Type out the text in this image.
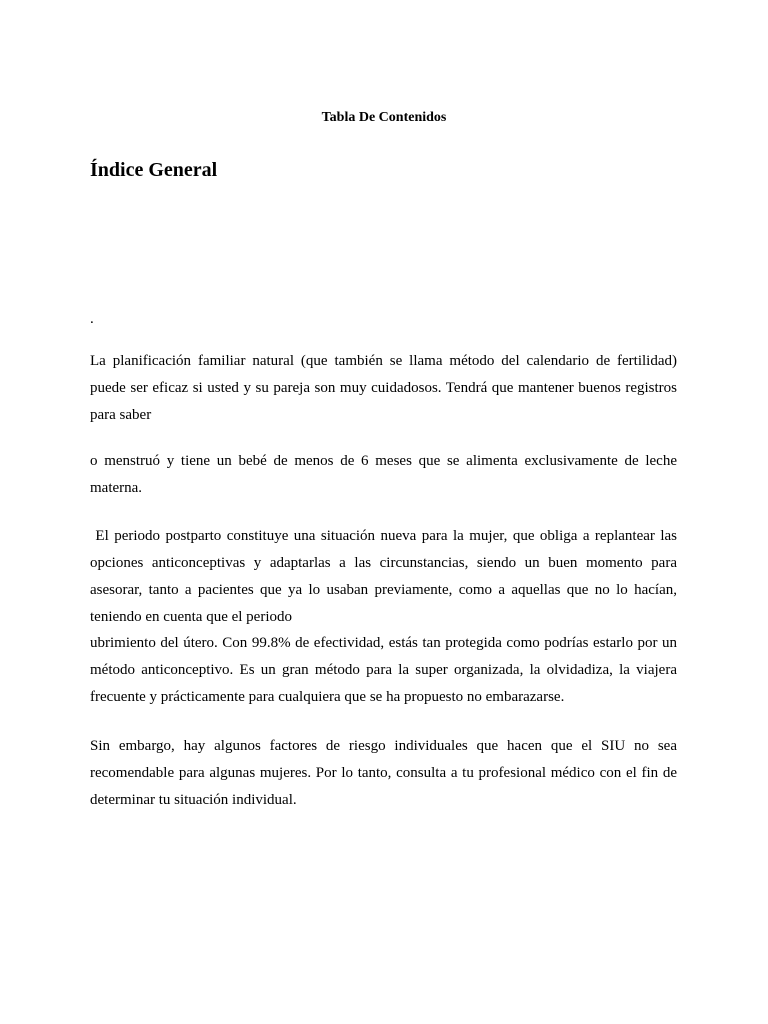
Tabla De Contenidos

Índice General

.

La planificación familiar natural (que también se llama método del calendario de fertilidad)
puede ser eficaz si usted y su pareja son muy cuidadosos. Tendrá que mantener buenos registros
para saber

o menstruó y tiene un bebé de menos de 6 meses que se alimenta exclusivamente de leche
materna.

El periodo postparto constituye una situación nueva para la mujer, que obliga a replantear las
opciones anticonceptivas y adaptarlas a las circunstancias, siendo un buen momento para
asesorar, tanto a pacientes que ya lo usaban previamente, como a aquellas que no lo hacían,
teniendo en cuenta que el periodo

ubrimiento del útero. Con 99.8% de efectividad, estás tan protegida como podrías estarlo por un
método anticonceptivo. Es un gran método para la super organizada, la olvidadiza, la viajera
frecuente y prácticamente para cualquiera que se ha propuesto no embarazarse.

Sin embargo, hay algunos factores de riesgo individuales que hacen que el SIU no sea
recomendable para algunas mujeres. Por lo tanto, consulta a tu profesional médico con el fin de
determinar tu situación individual.
